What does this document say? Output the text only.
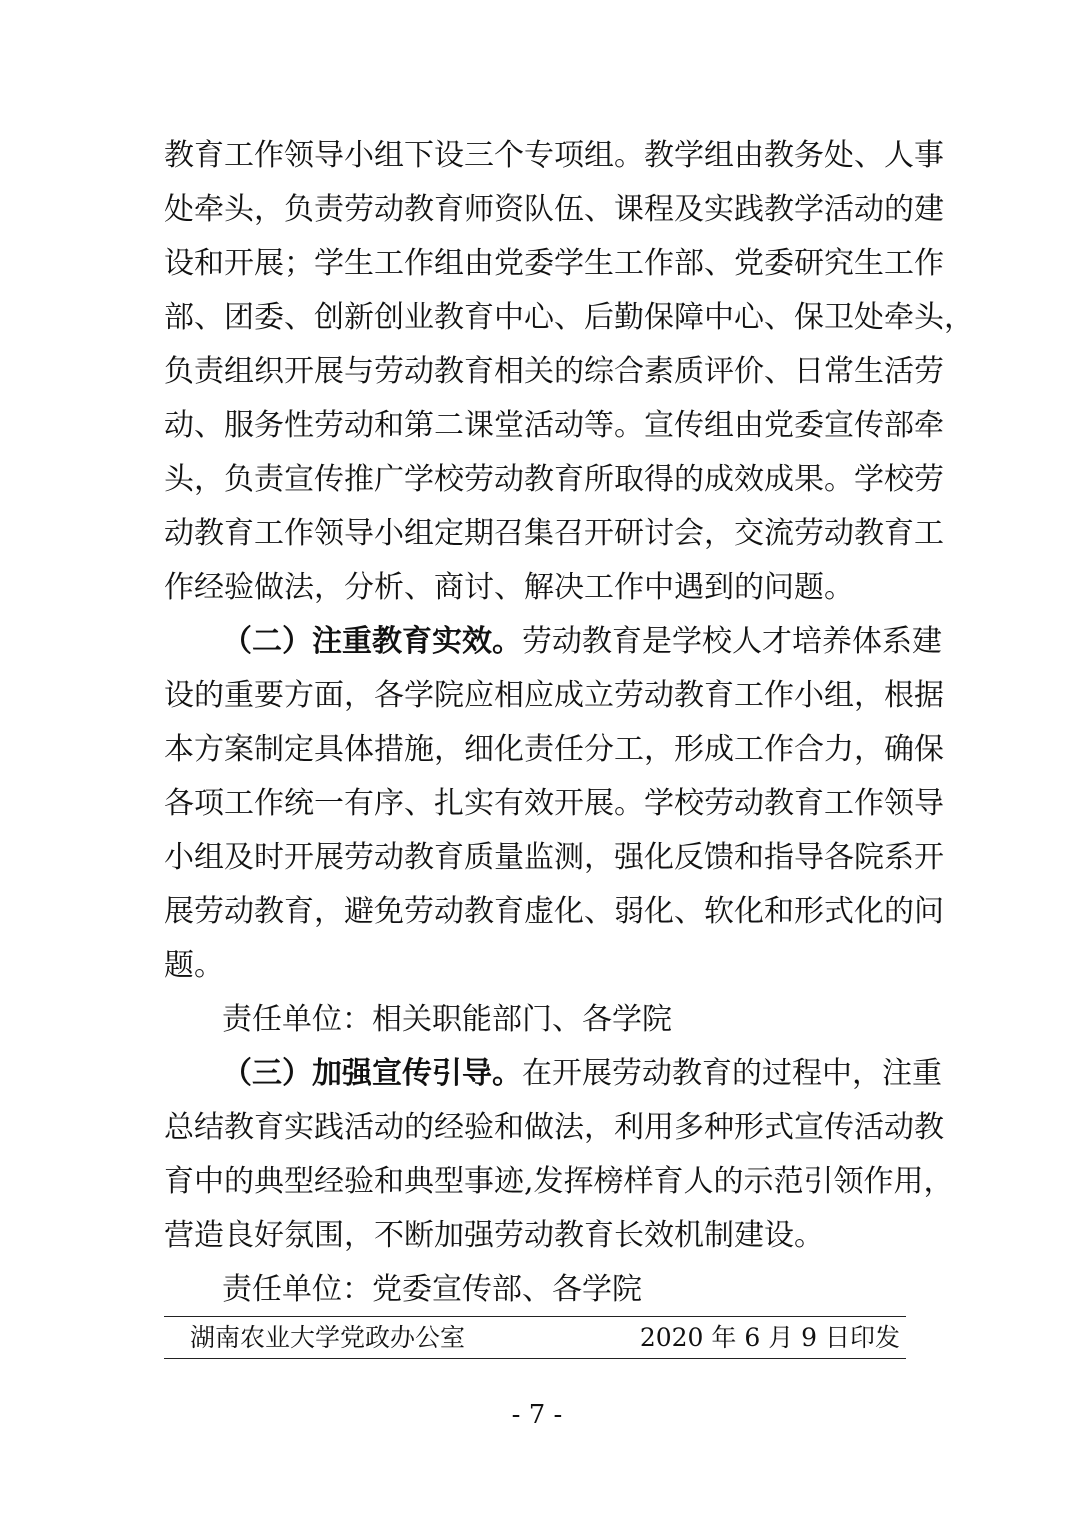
教育工作领导小组下设三个专项组。教学组由教务处、人事
处牵头，负责劳动教育师资队伍、课程及实践教学活动的建
设和开展；学生工作组由党委学生工作部、党委研究生工作
部、团委、创新创业教育中心、后勤保障中心、保卫处牵头，
负责组织开展与劳动教育相关的综合素质评价、日常生活劳
动、服务性劳动和第二课堂活动等。宣传组由党委宣传部牵
头，负责宣传推广学校劳动教育所取得的成效成果。学校劳
动教育工作领导小组定期召集召开研讨会，交流劳动教育工
作经验做法，分析、商讨、解决工作中遇到的问题。
（二）注重教育实效。劳动教育是学校人才培养体系建
设的重要方面，各学院应相应成立劳动教育工作小组，根据
本方案制定具体措施，细化责任分工，形成工作合力，确保
各项工作统一有序、扎实有效开展。学校劳动教育工作领导
小组及时开展劳动教育质量监测，强化反馈和指导各院系开
展劳动教育，避免劳动教育虚化、弱化、软化和形式化的问
题。
责任单位：相关职能部门、各学院
（三）加强宣传引导。在开展劳动教育的过程中，注重
总结教育实践活动的经验和做法，利用多种形式宣传活动教
育中的典型经验和典型事迹,发挥榜样育人的示范引领作用，
营造良好氛围，不断加强劳动教育长效机制建设。
责任单位：党委宣传部、各学院
湖南农业大学党政办公室	2020 年 6 月 9 日印发
- 7 -
